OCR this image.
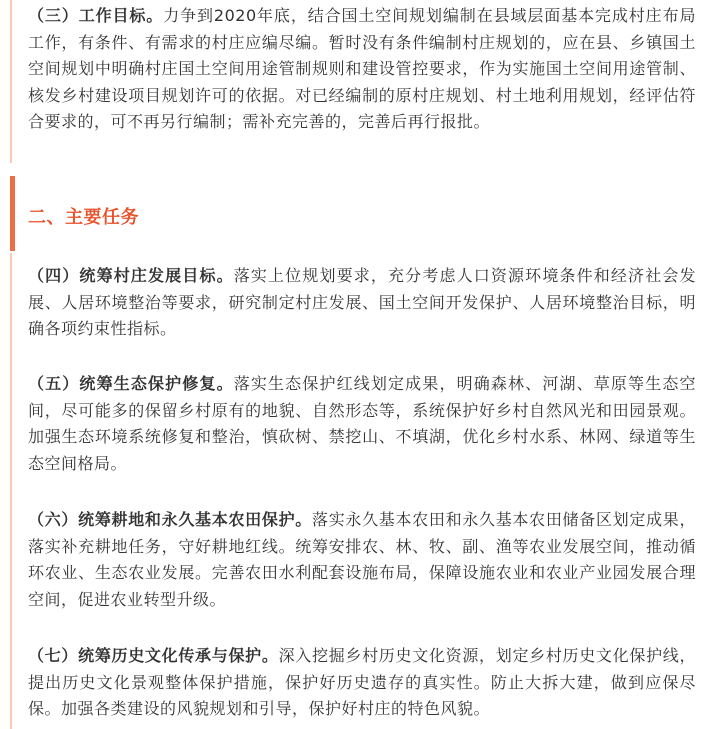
（三）工作目标。力争到2020年底，结合国土空间规划编制在县域层面基本完成村庄布局工作，有条件、有需求的村庄应编尽编。暂时没有条件编制村庄规划的，应在县、乡镇国土空间规划中明确村庄国土空间用途管制规则和建设管控要求，作为实施国土空间用途管制、核发乡村建设项目规划许可的依据。对已经编制的原村庄规划、村土地利用规划，经评估符合要求的，可不再另行编制；需补充完善的，完善后再行报批。

二、主要任务

（四）统筹村庄发展目标。落实上位规划要求，充分考虑人口资源环境条件和经济社会发展、人居环境整治等要求，研究制定村庄发展、国土空间开发保护、人居环境整治目标，明确各项约束性指标。

（五）统筹生态保护修复。落实生态保护红线划定成果，明确森林、河湖、草原等生态空间，尽可能多的保留乡村原有的地貌、自然形态等，系统保护好乡村自然风光和田园景观。加强生态环境系统修复和整治，慎砍树、禁挖山、不填湖，优化乡村水系、林网、绿道等生态空间格局。

（六）统筹耕地和永久基本农田保护。落实永久基本农田和永久基本农田储备区划定成果，落实补充耕地任务，守好耕地红线。统筹安排农、林、牧、副、渔等农业发展空间，推动循环农业、生态农业发展。完善农田水利配套设施布局，保障设施农业和农业产业园发展合理空间，促进农业转型升级。

（七）统筹历史文化传承与保护。深入挖掘乡村历史文化资源，划定乡村历史文化保护线，提出历史文化景观整体保护措施，保护好历史遗存的真实性。防止大拆大建，做到应保尽保。加强各类建设的风貌规划和引导，保护好村庄的特色风貌。
